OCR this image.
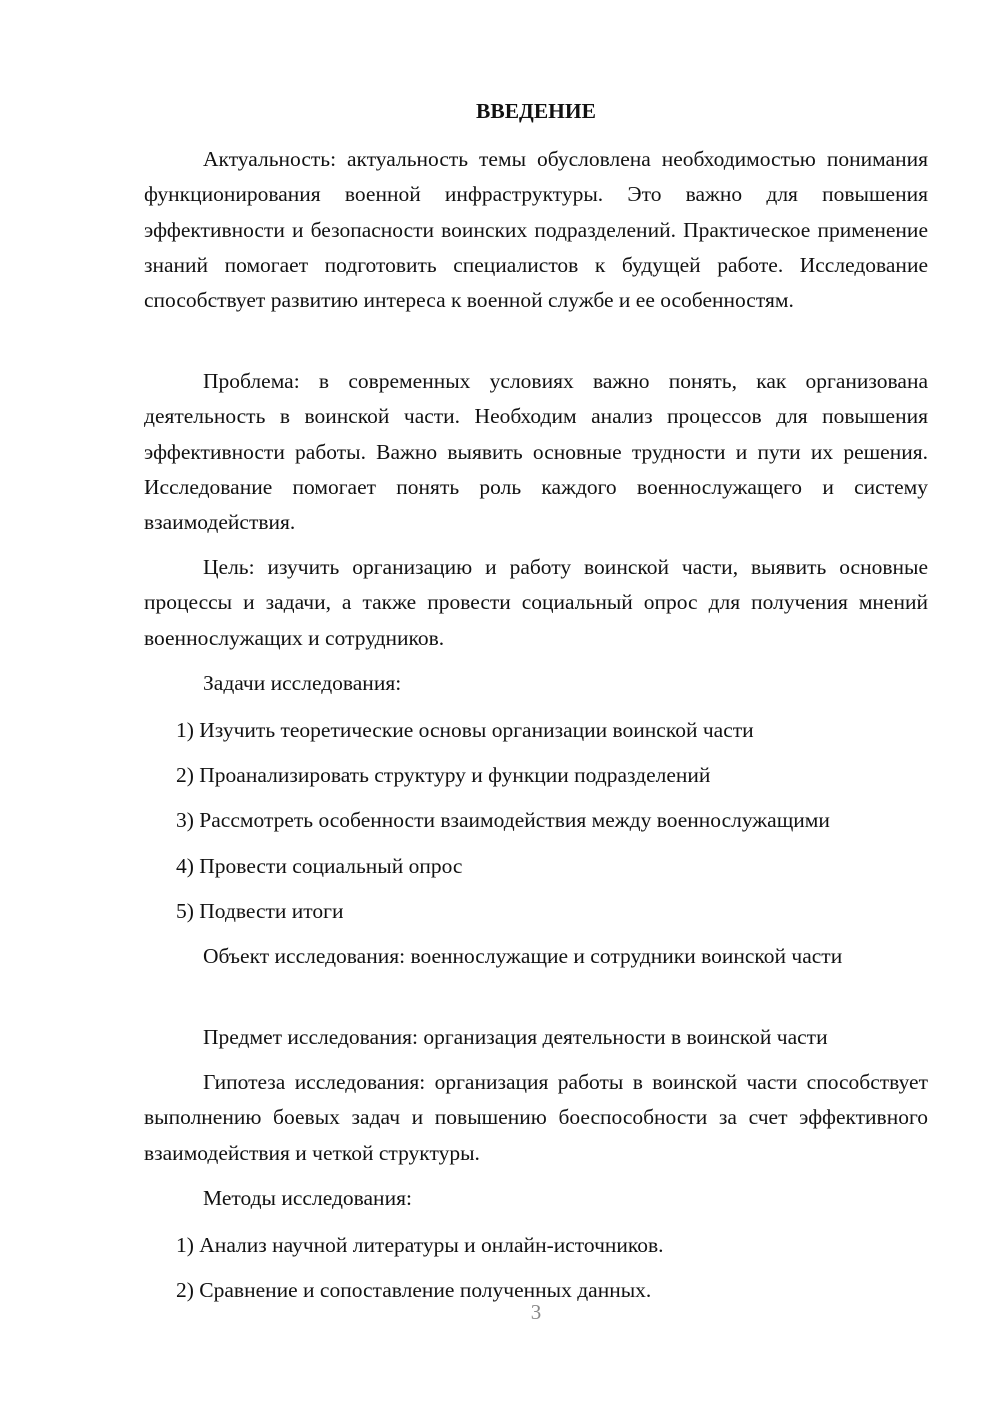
ВВЕДЕНИЕ

Актуальность: актуальность темы обусловлена необходимостью понимания функционирования военной инфраструктуры. Это важно для повышения эффективности и безопасности воинских подразделений. Практическое применение знаний помогает подготовить специалистов к будущей работе. Исследование способствует развитию интереса к военной службе и ее особенностям.

Проблема: в современных условиях важно понять, как организована деятельность в воинской части. Необходим анализ процессов для повышения эффективности работы. Важно выявить основные трудности и пути их решения. Исследование помогает понять роль каждого военнослужащего и систему взаимодействия.

Цель: изучить организацию и работу воинской части, выявить основные процессы и задачи, а также провести социальный опрос для получения мнений военнослужащих и сотрудников.

Задачи исследования:

1) Изучить теоретические основы организации воинской части

2) Проанализировать структуру и функции подразделений

3) Рассмотреть особенности взаимодействия между военнослужащими

4) Провести социальный опрос

5) Подвести итоги

Объект исследования: военнослужащие и сотрудники воинской части

Предмет исследования: организация деятельности в воинской части

Гипотеза исследования: организация работы в воинской части способствует выполнению боевых задач и повышению боеспособности за счет эффективного взаимодействия и четкой структуры.

Методы исследования:

1) Анализ научной литературы и онлайн-источников.

2) Сравнение и сопоставление полученных данных.

3
